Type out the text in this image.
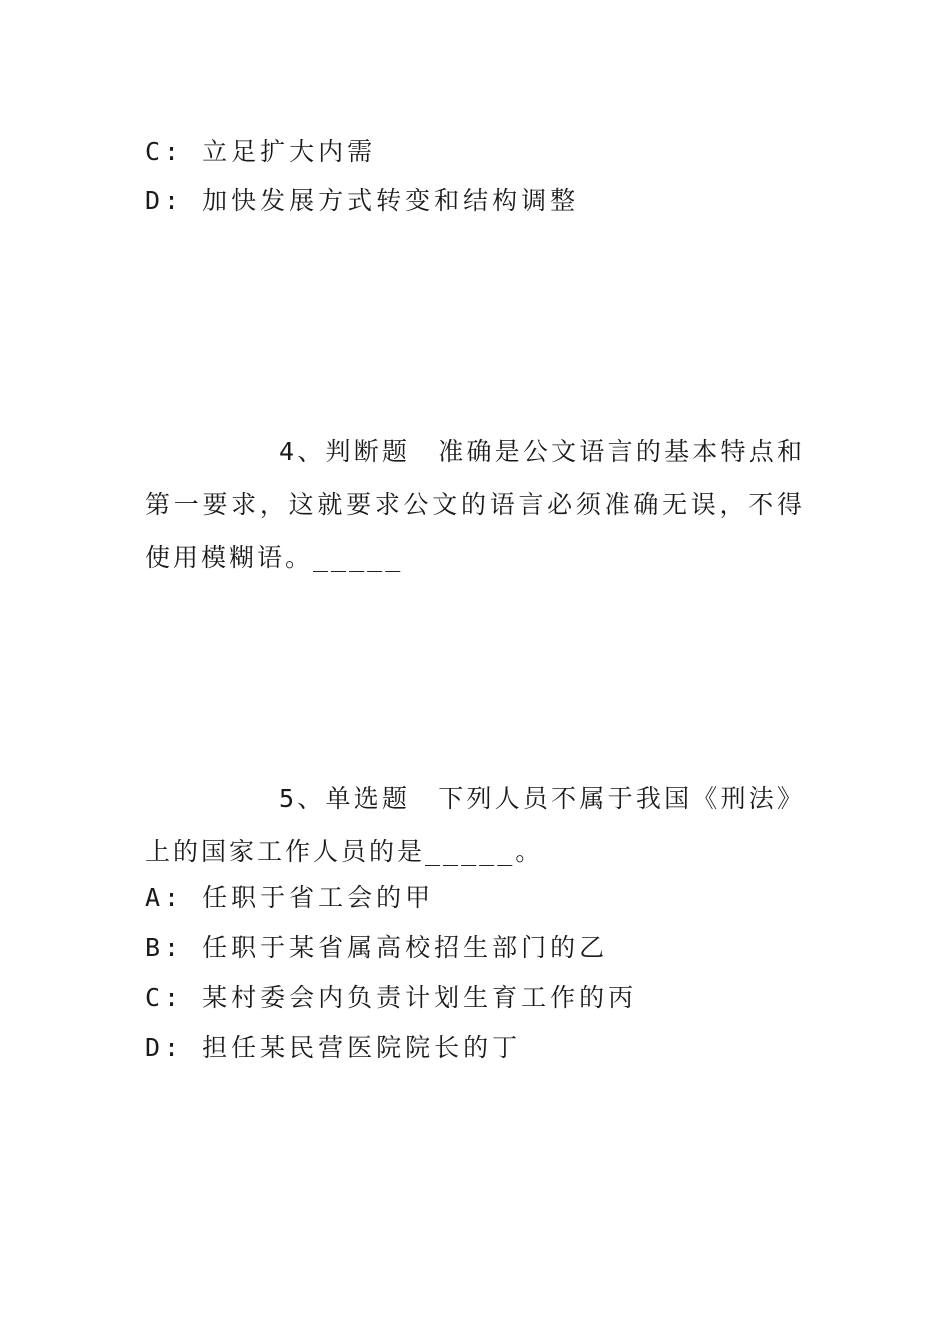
C: 立足扩大内需
D: 加快发展方式转变和结构调整
4、判断题 准确是公文语言的基本特点和第一要求，这就要求公文的语言必须准确无误，不得使用模糊语。_____
5、单选题 下列人员不属于我国《刑法》上的国家工作人员的是_____。
A: 任职于省工会的甲
B: 任职于某省属高校招生部门的乙
C: 某村委会内负责计划生育工作的丙
D: 担任某民营医院院长的丁
